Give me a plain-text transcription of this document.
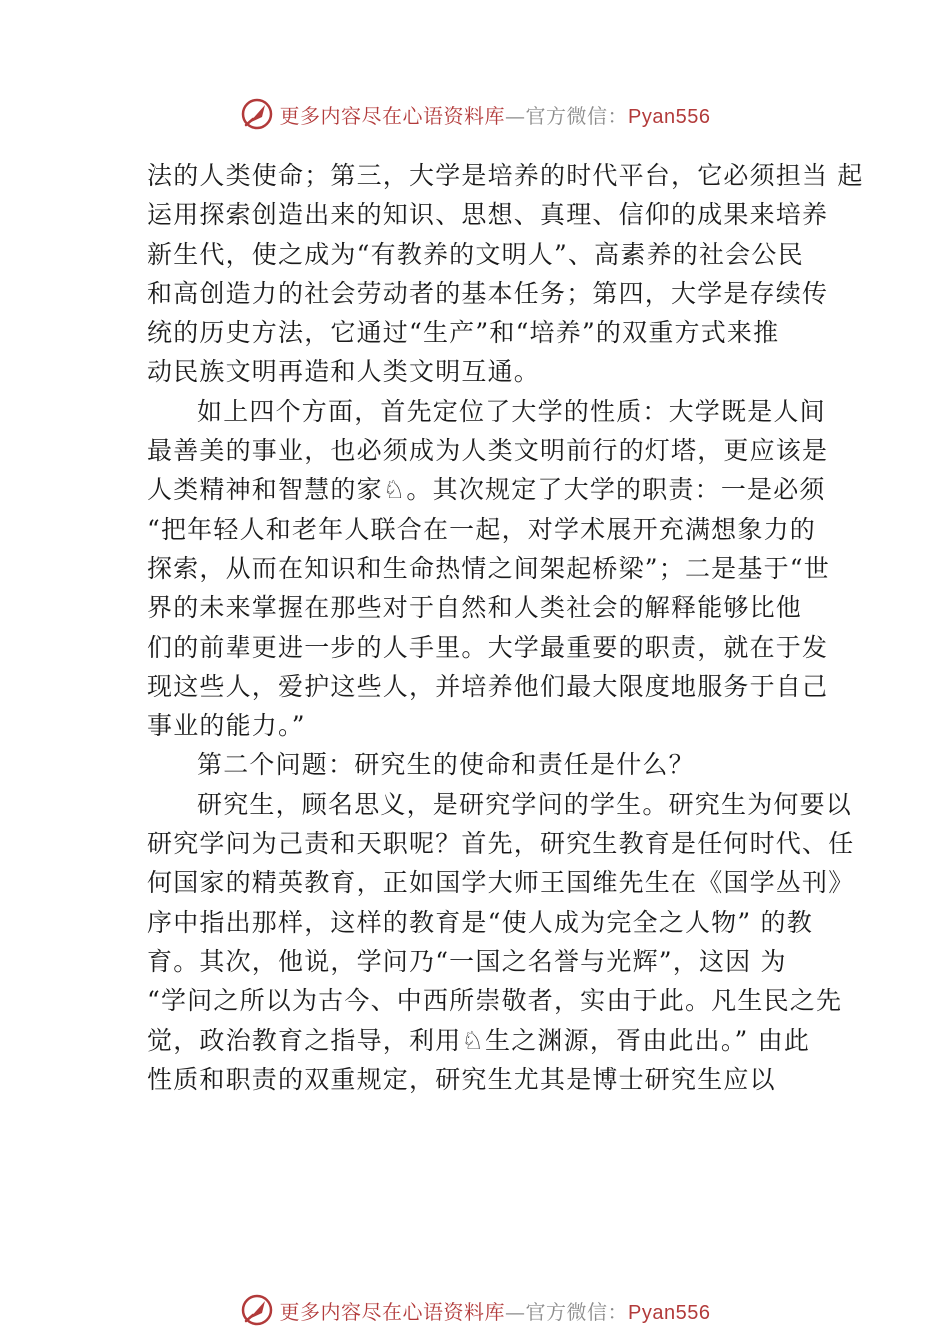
更多内容尽在心语资料库—官方微信：Pyan556
法的人类使命；第三，大学是培养的时代平台，它必须担当 起
运用探索创造出来的知识、思想、真理、信仰的成果来培养
新生代，使之成为“有教养的文明人”、高素养的社会公民
和高创造力的社会劳动者的基本任务；第四，大学是存续传
统的历史方法，它通过“生产”和“培养”的双重方式来推
动民族文明再造和人类文明互通。
如上四个方面，首先定位了大学的性质：大学既是人间
最善美的事业，也必须成为人类文明前行的灯塔，更应该是
人类精神和智慧的家♘。其次规定了大学的职责：一是必须
“把年轻人和老年人联合在一起，对学术展开充满想象力的
探索，从而在知识和生命热情之间架起桥梁”；二是基于“世
界的未来掌握在那些对于自然和人类社会的解释能够比他
们的前辈更进一步的人手里。大学最重要的职责，就在于发
现这些人，爱护这些人，并培养他们最大限度地服务于自己
事业的能力。”
第二个问题：研究生的使命和责任是什么？
研究生，顾名思义，是研究学问的学生。研究生为何要以
研究学问为己责和天职呢？首先，研究生教育是任何时代、任
何国家的精英教育，正如国学大师王国维先生在《国学丛刊》
序中指出那样，这样的教育是“使人成为完全之人物” 的教
育。其次，他说，学问乃“一国之名誉与光辉”，这因 为
“学问之所以为古今、中西所崇敬者，实由于此。凡生民之先
觉，政治教育之指导，利用♘生之渊源，胥由此出。” 由此
性质和职责的双重规定，研究生尤其是博士研究生应以
更多内容尽在心语资料库—官方微信：Pyan556
